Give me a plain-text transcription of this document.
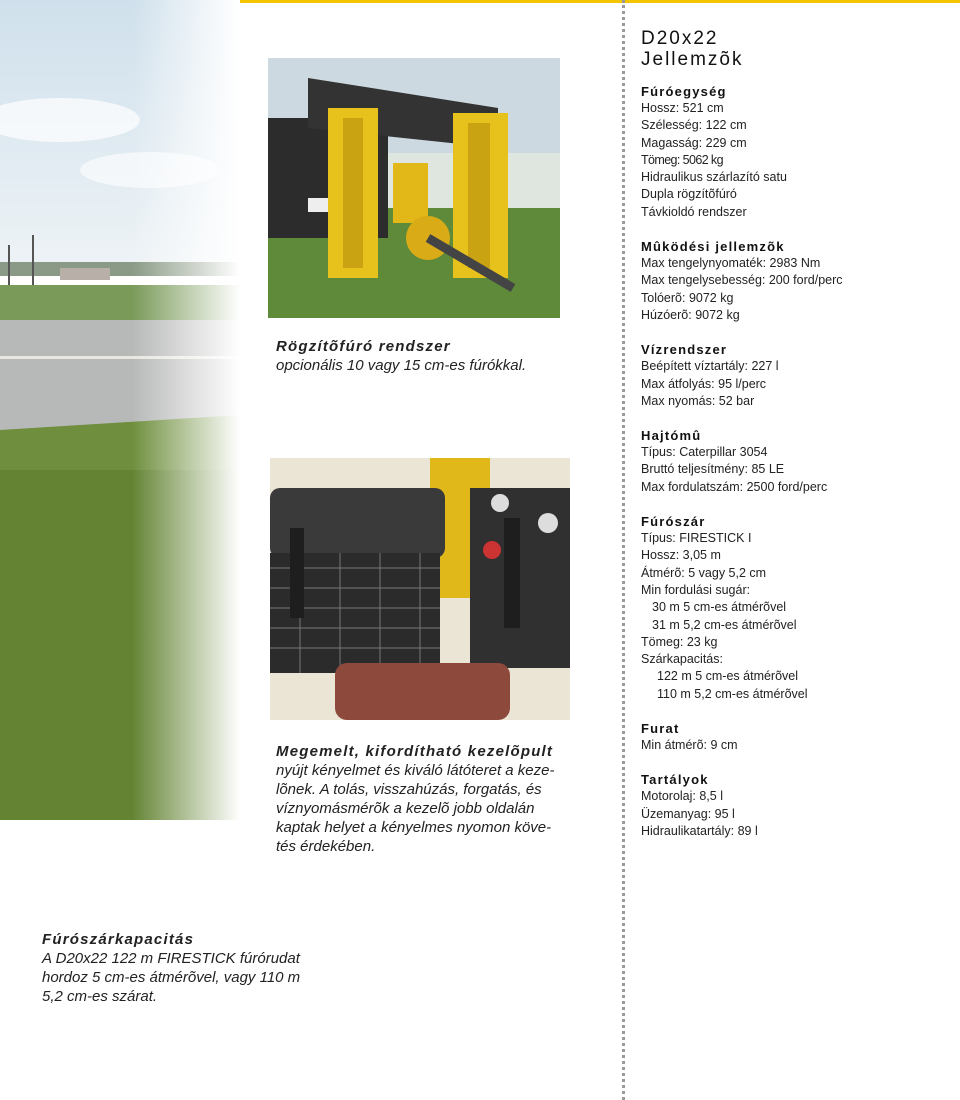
Rögzítõfúró rendszer
opcionális 10 vagy 15 cm-es fúrókkal.
Megemelt, kifordítható kezelõpult
nyújt kényelmet és kiváló látóteret a keze-
lõnek. A tolás, visszahúzás, forgatás, és
víznyomásmérõk a kezelõ jobb oldalán
kaptak helyet a kényelmes nyomon köve-
tés érdekében.
Fúrószárkapacitás
A D20x22 122 m FIRESTICK fúrórudat
hordoz 5 cm-es átmérõvel, vagy 110 m
5,2 cm-es szárat.
D20x22
Jellemzõk
Fúróegység
Hossz: 521 cm
Szélesség: 122 cm
Magasság: 229 cm
Tömeg: 5062 kg
Hidraulikus szárlazító satu
Dupla rögzítõfúró
Távkioldó rendszer
Mûködési jellemzõk
Max tengelynyomaték: 2983 Nm
Max tengelysebesség: 200 ford/perc
Tolóerõ: 9072 kg
Húzóerõ: 9072 kg
Vízrendszer
Beépített víztartály: 227 l
Max átfolyás: 95 l/perc
Max nyomás: 52 bar
Hajtómû
Típus: Caterpillar 3054
Bruttó teljesítmény: 85 LE
Max fordulatszám: 2500 ford/perc
Fúrószár
Típus: FIRESTICK I
Hossz: 3,05 m
Átmérõ: 5 vagy 5,2 cm
Min fordulási sugár:
30 m 5 cm-es átmérõvel
31 m 5,2 cm-es átmérõvel
Tömeg: 23 kg
Szárkapacitás:
122 m 5 cm-es átmérõvel
110 m 5,2 cm-es átmérõvel
Furat
Min átmérõ: 9 cm
Tartályok
Motorolaj: 8,5 l
Üzemanyag: 95 l
Hidraulikatartály: 89 l
